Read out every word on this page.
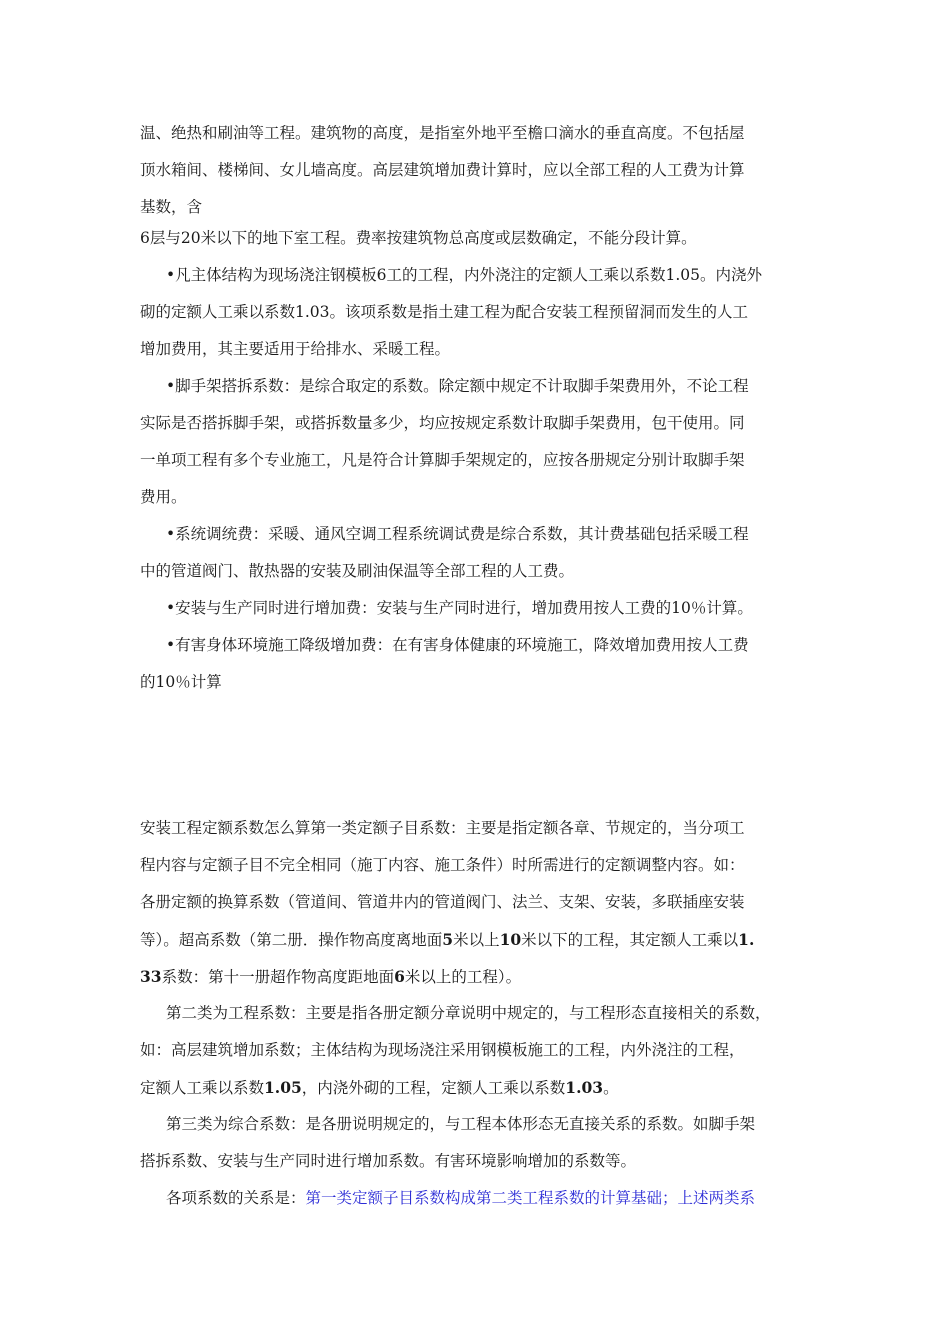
温、绝热和刷油等工程。建筑物的高度，是指室外地平至檐口滴水的垂直高度。不包括屋
顶水箱间、楼梯间、女儿墙高度。高层建筑增加费计算时，应以全部工程的人工费为计算
基数，含
6层与20米以下的地下室工程。费率按建筑物总高度或层数确定，不能分段计算。
•凡主体结构为现场浇注钢模板6工的工程，内外浇注的定额人工乘以系数1.05。内浇外
砌的定额人工乘以系数1.03。该项系数是指土建工程为配合安装工程预留洞而发生的人工
增加费用，其主要适用于给排水、采暖工程。
•脚手架搭拆系数：是综合取定的系数。除定额中规定不计取脚手架费用外，不论工程
实际是否搭拆脚手架，或搭拆数量多少，均应按规定系数计取脚手架费用，包干使用。同
一单项工程有多个专业施工，凡是符合计算脚手架规定的，应按各册规定分别计取脚手架
费用。
•系统调统费：采暖、通风空调工程系统调试费是综合系数，其计费基础包括采暖工程
中的管道阀门、散热器的安装及刷油保温等全部工程的人工费。
•安装与生产同时进行增加费：安装与生产同时进行，增加费用按人工费的10％计算。
•有害身体环境施工降级增加费：在有害身体健康的环境施工，降效增加费用按人工费
的10％计算
安装工程定额系数怎么算第一类定额子目系数：主要是指定额各章、节规定的，当分项工
程内容与定额子目不完全相同（施丁内容、施工条件）时所需进行的定额调整内容。如：
各册定额的换算系数（管道间、管道井内的管道阀门、法兰、支架、安装，多联插座安装
等）。超高系数（第二册．操作物高度离地面5米以上10米以下的工程，其定额人工乘以1.
33系数：第十一册超作物高度距地面6米以上的工程）。
第二类为工程系数：主要是指各册定额分章说明中规定的，与工程形态直接相关的系数，
如：高层建筑增加系数；主体结构为现场浇注采用钢模板施工的工程，内外浇注的工程，
定额人工乘以系数1.05，内浇外砌的工程，定额人工乘以系数1.03。
第三类为综合系数：是各册说明规定的，与工程本体形态无直接关系的系数。如脚手架
搭拆系数、安装与生产同时进行增加系数。有害环境影响增加的系数等。
各项系数的关系是：第一类定额子目系数构成第二类工程系数的计算基础；上述两类系
